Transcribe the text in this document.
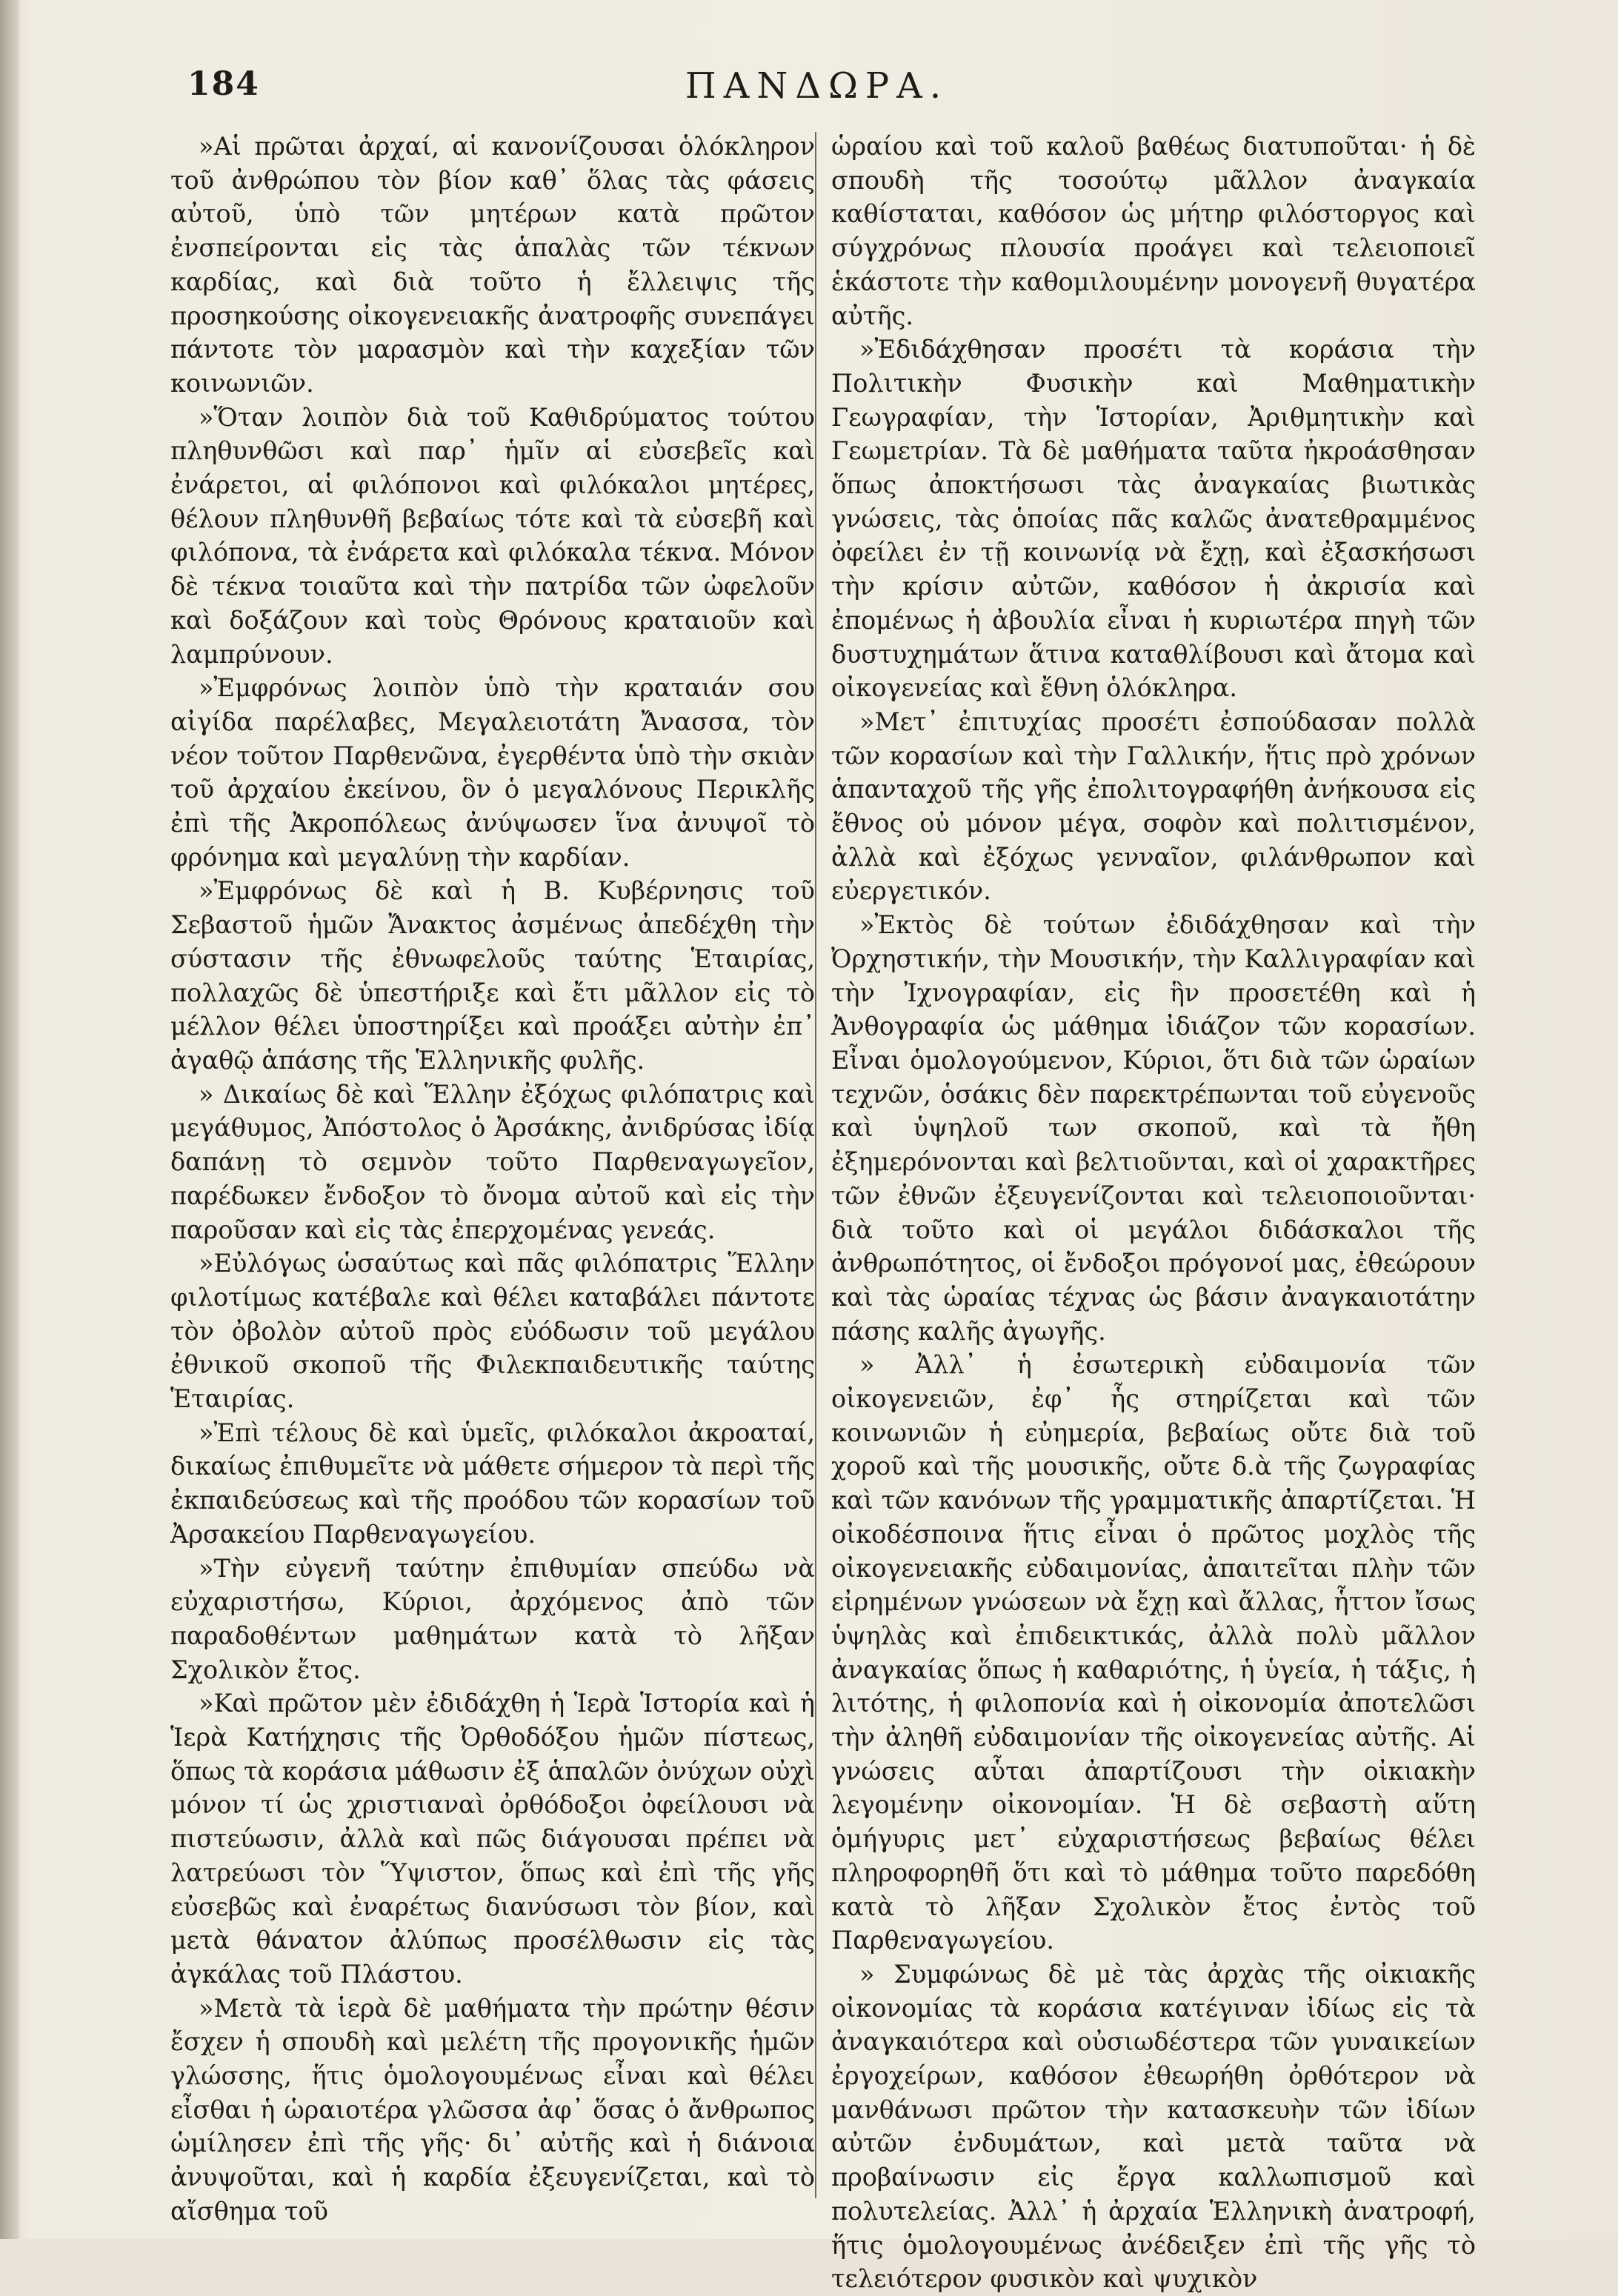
184	ΠΑΝΔΩΡΑ.

»Αἱ πρῶται ἀρχαί, αἱ κανονίζουσαι ὁλόκληρον τοῦ ἀνθρώπου τὸν βίον καθ᾽ ὅλας τὰς φάσεις αὐτοῦ, ὑπὸ τῶν μητέρων κατὰ πρῶτον ἐνσπείρονται εἰς τὰς ἁπαλὰς τῶν τέκνων καρδίας, καὶ διὰ τοῦτο ἡ ἔλλειψις τῆς προσηκούσης οἰκογενειακῆς ἀνατροφῆς συνεπάγει πάντοτε τὸν μαρασμὸν καὶ τὴν καχεξίαν τῶν κοινωνιῶν.

»Ὅταν λοιπὸν διὰ τοῦ Καθιδρύματος τούτου πληθυνθῶσι καὶ παρ᾽ ἡμῖν αἱ εὐσεβεῖς καὶ ἐνάρετοι, αἱ φιλόπονοι καὶ φιλόκαλοι μητέρες, θέλουν πληθυνθῆ βεβαίως τότε καὶ τὰ εὐσεβῆ καὶ φιλόπονα, τὰ ἐνάρετα καὶ φιλόκαλα τέκνα. Μόνον δὲ τέκνα τοιαῦτα καὶ τὴν πατρίδα τῶν ὠφελοῦν καὶ δοξάζουν καὶ τοὺς Θρόνους κραταιοῦν καὶ λαμπρύνουν.

»Ἐμφρόνως λοιπὸν ὑπὸ τὴν κραταιάν σου αἰγίδα παρέλαβες, Μεγαλειοτάτη Ἄνασσα, τὸν νέον τοῦτον Παρθενῶνα, ἐγερθέντα ὑπὸ τὴν σκιὰν τοῦ ἀρχαίου ἐκείνου, ὃν ὁ μεγαλόνους Περικλῆς ἐπὶ τῆς Ἀκροπόλεως ἀνύψωσεν ἵνα ἀνυψοῖ τὸ φρόνημα καὶ μεγαλύνῃ τὴν καρδίαν.

»Ἐμφρόνως δὲ καὶ ἡ Β. Κυβέρνησις τοῦ Σεβαστοῦ ἡμῶν Ἄνακτος ἀσμένως ἀπεδέχθη τὴν σύστασιν τῆς ἐθνωφελοῦς ταύτης Ἑταιρίας, πολλαχῶς δὲ ὑπεστήριξε καὶ ἔτι μᾶλλον εἰς τὸ μέλλον θέλει ὑποστηρίξει καὶ προάξει αὐτὴν ἐπ᾽ ἀγαθῷ ἁπάσης τῆς Ἑλληνικῆς φυλῆς.

» Δικαίως δὲ καὶ Ἕλλην ἐξόχως φιλόπατρις καὶ μεγάθυμος, Ἀπόστολος ὁ Ἀρσάκης, ἀνιδρύσας ἰδίᾳ δαπάνῃ τὸ σεμνὸν τοῦτο Παρθεναγωγεῖον, παρέδωκεν ἔνδοξον τὸ ὄνομα αὐτοῦ καὶ εἰς τὴν παροῦσαν καὶ εἰς τὰς ἐπερχομένας γενεάς.

»Εὐλόγως ὡσαύτως καὶ πᾶς φιλόπατρις Ἕλλην φιλοτίμως κατέβαλε καὶ θέλει καταβάλει πάντοτε τὸν ὀβολὸν αὐτοῦ πρὸς εὐόδωσιν τοῦ μεγάλου ἐθνικοῦ σκοποῦ τῆς Φιλεκπαιδευτικῆς ταύτης Ἑταιρίας.

»Ἐπὶ τέλους δὲ καὶ ὑμεῖς, φιλόκαλοι ἀκροαταί, δικαίως ἐπιθυμεῖτε νὰ μάθετε σήμερον τὰ περὶ τῆς ἐκπαιδεύσεως καὶ τῆς προόδου τῶν κορασίων τοῦ Ἀρσακείου Παρθεναγωγείου.

»Τὴν εὐγενῆ ταύτην ἐπιθυμίαν σπεύδω νὰ εὐχαριστήσω, Κύριοι, ἀρχόμενος ἀπὸ τῶν παραδοθέντων μαθημάτων κατὰ τὸ λῆξαν Σχολικὸν ἔτος.

»Καὶ πρῶτον μὲν ἐδιδάχθη ἡ Ἱερὰ Ἱστορία καὶ ἡ Ἱερὰ Κατήχησις τῆς Ὀρθοδόξου ἡμῶν πίστεως, ὅπως τὰ κοράσια μάθωσιν ἐξ ἁπαλῶν ὀνύχων οὐχὶ μόνον τί ὡς χριστιαναὶ ὀρθόδοξοι ὀφείλουσι νὰ πιστεύωσιν, ἀλλὰ καὶ πῶς διάγουσαι πρέπει νὰ λατρεύωσι τὸν Ὕψιστον, ὅπως καὶ ἐπὶ τῆς γῆς εὐσεβῶς καὶ ἐναρέτως διανύσωσι τὸν βίον, καὶ μετὰ θάνατον ἀλύπως προσέλθωσιν εἰς τὰς ἀγκάλας τοῦ Πλάστου.

»Μετὰ τὰ ἱερὰ δὲ μαθήματα τὴν πρώτην θέσιν ἔσχεν ἡ σπουδὴ καὶ μελέτη τῆς προγονικῆς ἡμῶν γλώσσης, ἥτις ὁμολογουμένως εἶναι καὶ θέλει εἶσθαι ἡ ὡραιοτέρα γλῶσσα ἀφ᾽ ὅσας ὁ ἄνθρωπος ὡμίλησεν ἐπὶ τῆς γῆς· δι᾽ αὐτῆς καὶ ἡ διάνοια ἀνυψοῦται, καὶ ἡ καρδία ἐξευγενίζεται, καὶ τὸ αἴσθημα τοῦ

ὡραίου καὶ τοῦ καλοῦ βαθέως διατυποῦται· ἡ δὲ σπουδὴ τῆς τοσούτῳ μᾶλλον ἀναγκαία καθίσταται, καθόσον ὡς μήτηρ φιλόστοργος καὶ σύγχρόνως πλουσία προάγει καὶ τελειοποιεῖ ἑκάστοτε τὴν καθομιλουμένην μονογενῆ θυγατέρα αὐτῆς.

»Ἐδιδάχθησαν προσέτι τὰ κοράσια τὴν Πολιτικὴν Φυσικὴν καὶ Μαθηματικὴν Γεωγραφίαν, τὴν Ἱστορίαν, Ἀριθμητικὴν καὶ Γεωμετρίαν. Τὰ δὲ μαθήματα ταῦτα ἠκροάσθησαν ὅπως ἀποκτήσωσι τὰς ἀναγκαίας βιωτικὰς γνώσεις, τὰς ὁποίας πᾶς καλῶς ἀνατεθραμμένος ὀφείλει ἐν τῇ κοινωνίᾳ νὰ ἔχῃ, καὶ ἐξασκήσωσι τὴν κρίσιν αὐτῶν, καθόσον ἡ ἀκρισία καὶ ἐπομένως ἡ ἀβουλία εἶναι ἡ κυριωτέρα πηγὴ τῶν δυστυχημάτων ἅτινα καταθλίβουσι καὶ ἄτομα καὶ οἰκογενείας καὶ ἔθνη ὁλόκληρα.

»Μετ᾽ ἐπιτυχίας προσέτι ἐσπούδασαν πολλὰ τῶν κορασίων καὶ τὴν Γαλλικήν, ἥτις πρὸ χρόνων ἁπανταχοῦ τῆς γῆς ἐπολιτογραφήθη ἀνήκουσα εἰς ἔθνος οὐ μόνον μέγα, σοφὸν καὶ πολιτισμένον, ἀλλὰ καὶ ἐξόχως γενναῖον, φιλάνθρωπον καὶ εὐεργετικόν.

»Ἐκτὸς δὲ τούτων ἐδιδάχθησαν καὶ τὴν Ὀρχηστικήν, τὴν Μουσικήν, τὴν Καλλιγραφίαν καὶ τὴν Ἰχνογραφίαν, εἰς ἣν προσετέθη καὶ ἡ Ἀνθογραφία ὡς μάθημα ἰδιάζον τῶν κορασίων. Εἶναι ὁμολογούμενον, Κύριοι, ὅτι διὰ τῶν ὡραίων τεχνῶν, ὁσάκις δὲν παρεκτρέπωνται τοῦ εὐγενοῦς καὶ ὑψηλοῦ των σκοποῦ, καὶ τὰ ἤθη ἐξημερόνονται καὶ βελτιοῦνται, καὶ οἱ χαρακτῆρες τῶν ἐθνῶν ἐξευγενίζονται καὶ τελειοποιοῦνται· διὰ τοῦτο καὶ οἱ μεγάλοι διδάσκαλοι τῆς ἀνθρωπότητος, οἱ ἔνδοξοι πρόγονοί μας, ἐθεώρουν καὶ τὰς ὡραίας τέχνας ὡς βάσιν ἀναγκαιοτάτην πάσης καλῆς ἀγωγῆς.

» Ἀλλ᾽ ἡ ἐσωτερικὴ εὐδαιμονία τῶν οἰκογενειῶν, ἐφ᾽ ἧς στηρίζεται καὶ τῶν κοινωνιῶν ἡ εὐημερία, βεβαίως οὔτε διὰ τοῦ χοροῦ καὶ τῆς μουσικῆς, οὔτε δ.ὰ τῆς ζωγραφίας καὶ τῶν κανόνων τῆς γραμματικῆς ἀπαρτίζεται. Ἡ οἰκοδέσποινα ἥτις εἶναι ὁ πρῶτος μοχλὸς τῆς οἰκογενειακῆς εὐδαιμονίας, ἀπαιτεῖται πλὴν τῶν εἰρημένων γνώσεων νὰ ἔχῃ καὶ ἄλλας, ἧττον ἴσως ὑψηλὰς καὶ ἐπιδεικτικάς, ἀλλὰ πολὺ μᾶλλον ἀναγκαίας ὅπως ἡ καθαριότης, ἡ ὑγεία, ἡ τάξις, ἡ λιτότης, ἡ φιλοπονία καὶ ἡ οἰκονομία ἀποτελῶσι τὴν ἀληθῆ εὐδαιμονίαν τῆς οἰκογενείας αὐτῆς. Αἱ γνώσεις αὗται ἀπαρτίζουσι τὴν οἰκιακὴν λεγομένην οἰκονομίαν. Ἡ δὲ σεβαστὴ αὕτη ὁμήγυρις μετ᾽ εὐχαριστήσεως βεβαίως θέλει πληροφορηθῆ ὅτι καὶ τὸ μάθημα τοῦτο παρεδόθη κατὰ τὸ λῆξαν Σχολικὸν ἔτος ἐντὸς τοῦ Παρθεναγωγείου.

» Συμφώνως δὲ μὲ τὰς ἀρχὰς τῆς οἰκιακῆς οἰκονομίας τὰ κοράσια κατέγιναν ἰδίως εἰς τὰ ἀναγκαιότερα καὶ οὐσιωδέστερα τῶν γυναικείων ἐργοχείρων, καθόσον ἐθεωρήθη ὀρθότερον νὰ μανθάνωσι πρῶτον τὴν κατασκευὴν τῶν ἰδίων αὐτῶν ἐνδυμάτων, καὶ μετὰ ταῦτα νὰ προβαίνωσιν εἰς ἔργα καλλωπισμοῦ καὶ πολυτελείας. Ἀλλ᾽ ἡ ἀρχαία Ἑλληνικὴ ἀνατροφή, ἥτις ὁμολογουμένως ἀνέδειξεν ἐπὶ τῆς γῆς τὸ τελειότερον φυσικὸν καὶ ψυχικὸν
